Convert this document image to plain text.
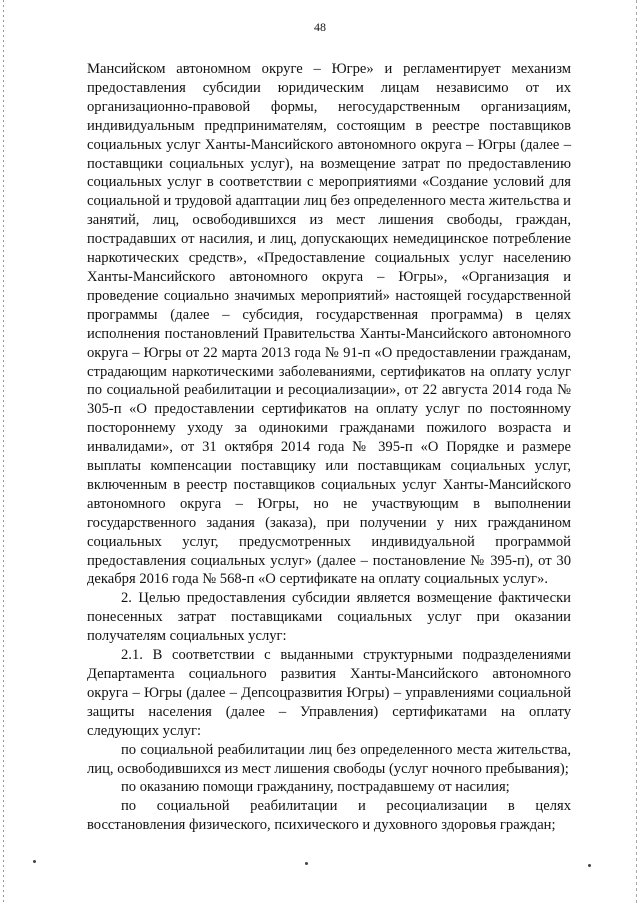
48

Мансийском автономном округе – Югре» и регламентирует механизм предоставления субсидии юридическим лицам независимо от их организационно-правовой формы, негосударственным организациям, индивидуальным предпринимателям, состоящим в реестре поставщиков социальных услуг Ханты-Мансийского автономного округа – Югры (далее – поставщики социальных услуг), на возмещение затрат по предоставлению социальных услуг в соответствии с мероприятиями «Создание условий для социальной и трудовой адаптации лиц без определенного места жительства и занятий, лиц, освободившихся из мест лишения свободы, граждан, пострадавших от насилия, и лиц, допускающих немедицинское потребление наркотических средств», «Предоставление социальных услуг населению Ханты-Мансийского автономного округа – Югры», «Организация и проведение социально значимых мероприятий» настоящей государственной программы (далее – субсидия, государственная программа) в целях исполнения постановлений Правительства Ханты-Мансийского автономного округа – Югры от 22 марта 2013 года № 91-п «О предоставлении гражданам, страдающим наркотическими заболеваниями, сертификатов на оплату услуг по социальной реабилитации и ресоциализации», от 22 августа 2014 года № 305-п «О предоставлении сертификатов на оплату услуг по постоянному постороннему уходу за одинокими гражданами пожилого возраста и инвалидами», от 31 октября 2014 года № 395-п «О Порядке и размере выплаты компенсации поставщику или поставщикам социальных услуг, включенным в реестр поставщиков социальных услуг Ханты-Мансийского автономного округа – Югры, но не участвующим в выполнении государственного задания (заказа), при получении у них гражданином социальных услуг, предусмотренных индивидуальной программой предоставления социальных услуг» (далее – постановление № 395-п), от 30 декабря 2016 года № 568-п «О сертификате на оплату социальных услуг».

2. Целью предоставления субсидии является возмещение фактически понесенных затрат поставщиками социальных услуг при оказании получателям социальных услуг:

2.1. В соответствии с выданными структурными подразделениями Департамента социального развития Ханты-Мансийского автономного округа – Югры (далее – Депсоцразвития Югры) – управлениями социальной защиты населения (далее – Управления) сертификатами на оплату следующих услуг:

по социальной реабилитации лиц без определенного места жительства, лиц, освободившихся из мест лишения свободы (услуг ночного пребывания);

по оказанию помощи гражданину, пострадавшему от насилия;

по социальной реабилитации и ресоциализации в целях восстановления физического, психического и духовного здоровья граждан;
